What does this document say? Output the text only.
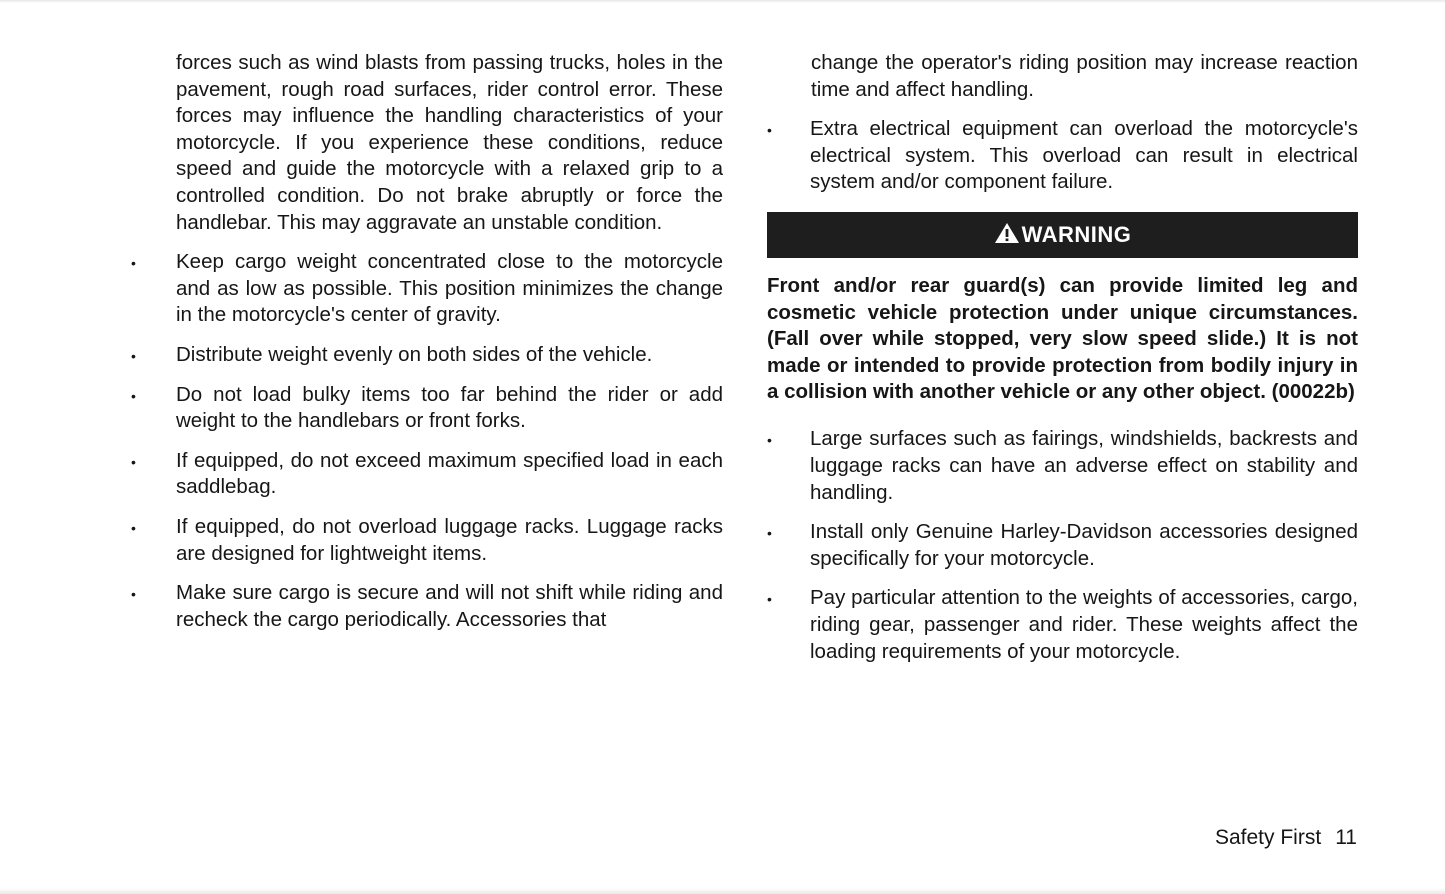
forces such as wind blasts from passing trucks, holes in the pavement, rough road surfaces, rider control error. These forces may influence the handling characteristics of your motorcycle. If you experience these conditions, reduce speed and guide the motorcycle with a relaxed grip to a controlled condition. Do not brake abruptly or force the handlebar. This may aggravate an unstable condition.

• Keep cargo weight concentrated close to the motorcycle and as low as possible. This position minimizes the change in the motorcycle's center of gravity.
• Distribute weight evenly on both sides of the vehicle.
• Do not load bulky items too far behind the rider or add weight to the handlebars or front forks.
• If equipped, do not exceed maximum specified load in each saddlebag.
• If equipped, do not overload luggage racks. Luggage racks are designed for lightweight items.
• Make sure cargo is secure and will not shift while riding and recheck the cargo periodically. Accessories that

change the operator's riding position may increase reaction time and affect handling.

• Extra electrical equipment can overload the motorcycle's electrical system. This overload can result in electrical system and/or component failure.
WARNING

Front and/or rear guard(s) can provide limited leg and cosmetic vehicle protection under unique circumstances. (Fall over while stopped, very slow speed slide.) It is not made or intended to provide protection from bodily injury in a collision with another vehicle or any other object. (00022b)

• Large surfaces such as fairings, windshields, backrests and luggage racks can have an adverse effect on stability and handling.
• Install only Genuine Harley-Davidson accessories designed specifically for your motorcycle.
• Pay particular attention to the weights of accessories, cargo, riding gear, passenger and rider. These weights affect the loading requirements of your motorcycle.
Safety First 11
